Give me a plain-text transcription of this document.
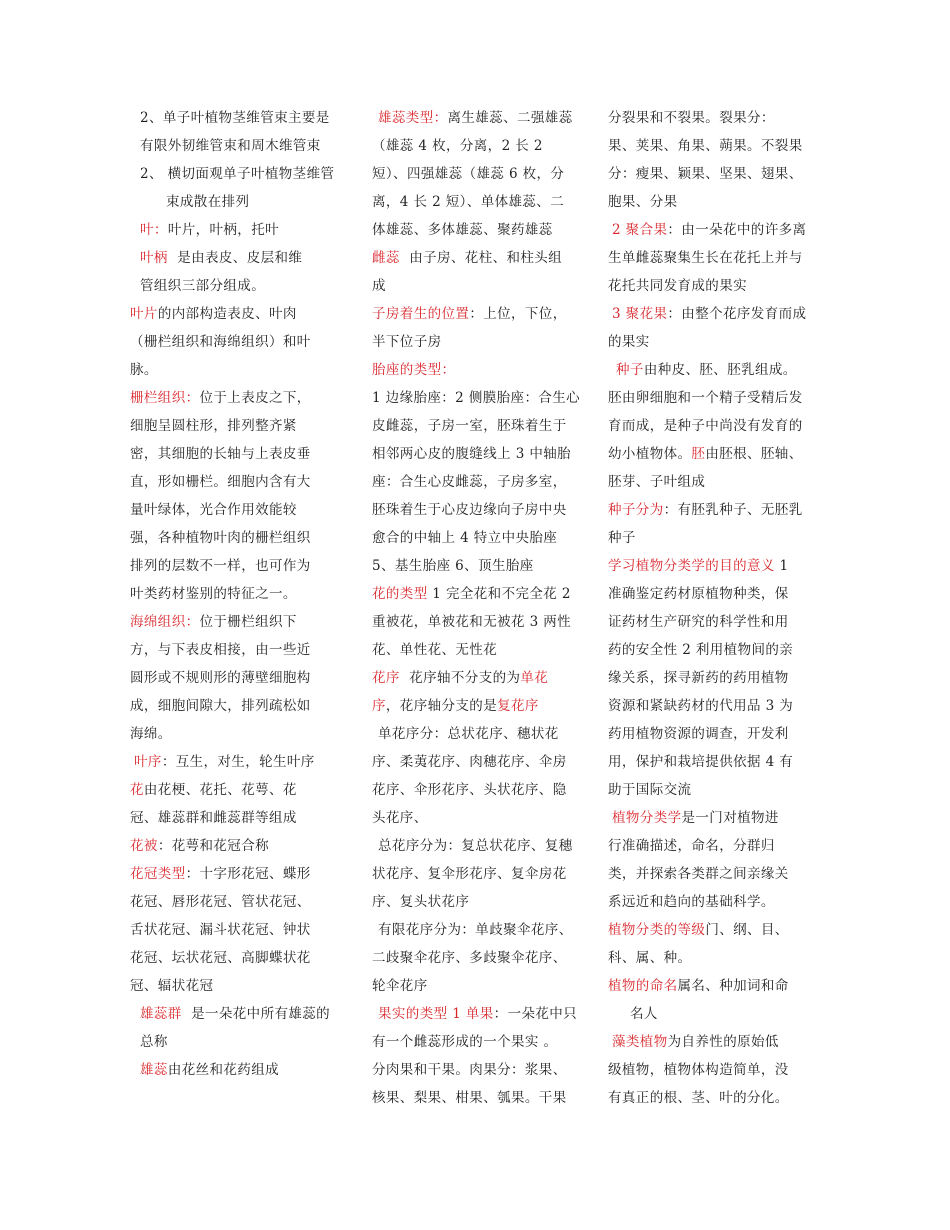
2、单子叶植物茎维管束主要是

有限外韧维管束和周木维管束

2、 横切面观单子叶植物茎维管

束成散在排列

叶：叶片，叶柄，托叶

叶柄  是由表皮、皮层和维

管组织三部分组成。

叶片的内部构造表皮、叶肉

（栅栏组织和海绵组织）和叶

脉。

栅栏组织：位于上表皮之下，

细胞呈圆柱形，排列整齐紧

密，其细胞的长轴与上表皮垂

直，形如栅栏。细胞内含有大

量叶绿体，光合作用效能较

强，各种植物叶肉的栅栏组织

排列的层数不一样，也可作为

叶类药材鉴别的特征之一。

海绵组织：位于栅栏组织下

方，与下表皮相接，由一些近

圆形或不规则形的薄壁细胞构

成，细胞间隙大，排列疏松如

海绵。

叶序：互生，对生，轮生叶序

花由花梗、花托、花萼、花

冠、雄蕊群和雌蕊群等组成

花被：花萼和花冠合称

花冠类型：十字形花冠、蝶形

花冠、唇形花冠、管状花冠、

舌状花冠、漏斗状花冠、钟状

花冠、坛状花冠、高脚蝶状花

冠、辐状花冠

雄蕊群  是一朵花中所有雄蕊的

总称

雄蕊由花丝和花药组成

雄蕊类型：离生雄蕊、二强雄蕊

（雄蕊 4 枚，分离，2 长 2

短）、四强雄蕊（雄蕊 6 枚，分

离，4 长 2 短）、单体雄蕊、二

体雄蕊、多体雄蕊、聚药雄蕊

雌蕊  由子房、花柱、和柱头组

成

子房着生的位置：上位，下位，

半下位子房

胎座的类型：

1 边缘胎座：2 侧膜胎座：合生心

皮雌蕊，子房一室，胚珠着生于

相邻两心皮的腹缝线上 3 中轴胎

座：合生心皮雌蕊，子房多室，

胚珠着生于心皮边缘向子房中央

愈合的中轴上 4 特立中央胎座

5、基生胎座 6、顶生胎座

花的类型 1 完全花和不完全花 2

重被花，单被花和无被花 3 两性

花、单性花、无性花

花序  花序轴不分支的为单花

序，花序轴分支的是复花序

单花序分：总状花序、穗状花

序、柔荑花序、肉穗花序、伞房

花序、伞形花序、头状花序、隐

头花序、

总花序分为：复总状花序、复穗

状花序、复伞形花序、复伞房花

序、复头状花序

有限花序分为：单歧聚伞花序、

二歧聚伞花序、多歧聚伞花序、

轮伞花序

果实的类型 1 单果：一朵花中只

有一个雌蕊形成的一个果实 。

分肉果和干果。肉果分：浆果、

核果、梨果、柑果、瓠果。干果

分裂果和不裂果。裂果分：

果、荚果、角果、蒴果。不裂果

分：瘦果、颖果、坚果、翅果、

胞果、分果

2 聚合果：由一朵花中的许多离

生单雌蕊聚集生长在花托上并与

花托共同发育成的果实

3 聚花果：由整个花序发育而成

的果实

种子由种皮、胚、胚乳组成。

胚由卵细胞和一个精子受精后发

育而成，是种子中尚没有发育的

幼小植物体。胚由胚根、胚轴、

胚芽、子叶组成

种子分为：有胚乳种子、无胚乳

种子

学习植物分类学的目的意义 1

准确鉴定药材原植物种类，保

证药材生产研究的科学性和用

药的安全性 2 利用植物间的亲

缘关系，探寻新药的药用植物

资源和紧缺药材的代用品 3 为

药用植物资源的调查，开发利

用，保护和栽培提供依据 4 有

助于国际交流

植物分类学是一门对植物进

行准确描述，命名，分群归

类，并探索各类群之间亲缘关

系远近和趋向的基础科学。

植物分类的等级门、纲、目、

科、属、种。

植物的命名属名、种加词和命

名人

藻类植物为自养性的原始低

级植物，植物体构造简单，没

有真正的根、茎、叶的分化。
